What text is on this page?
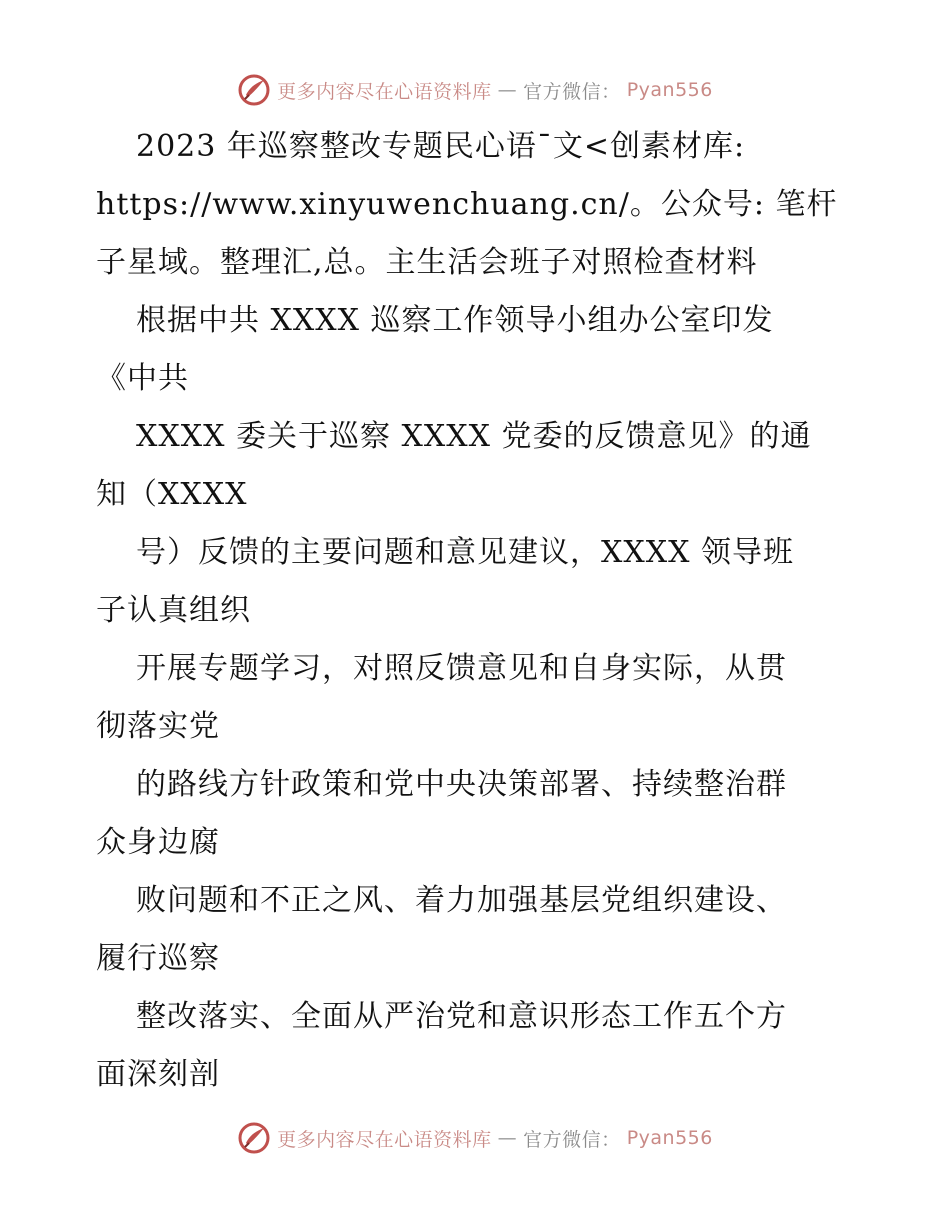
更多内容尽在心语资料库 — 官方微信： Pyan556
2023 年巡察整改专题民心语¯文<创素材库:
https://www.xinyuwenchuang.cn/。公众号: 笔杆
子星域。整理汇,总。主生活会班子对照检查材料
根据中共 XXXX 巡察工作领导小组办公室印发
《中共
XXXX 委关于巡察 XXXX 党委的反馈意见》的通
知（XXXX
号）反馈的主要问题和意见建议，XXXX 领导班
子认真组织
开展专题学习，对照反馈意见和自身实际，从贯
彻落实党
的路线方针政策和党中央决策部署、持续整治群
众身边腐
败问题和不正之风、着力加强基层党组织建设、
履行巡察
整改落实、全面从严治党和意识形态工作五个方
面深刻剖
更多内容尽在心语资料库 — 官方微信： Pyan556
